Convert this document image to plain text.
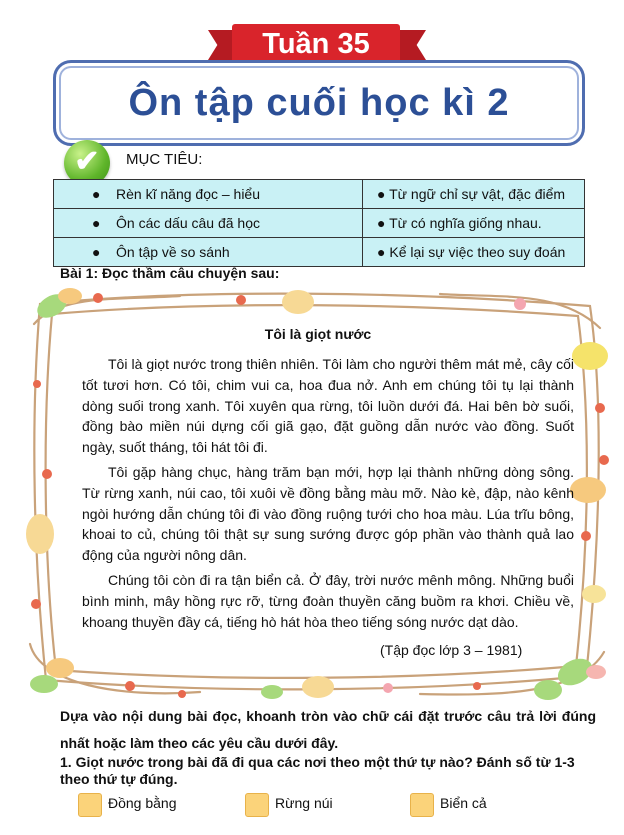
Tuần 35
Ôn tập cuối học kì 2
✔	MỤC TIÊU:
●    Rèn kĩ năng đọc – hiểu	● Từ ngữ chỉ sự vật, đặc điểm
●    Ôn các dấu câu đã học	● Từ có nghĩa giống nhau.
●    Ôn tập về so sánh	● Kể lại sự việc theo suy đoán
Bài 1: Đọc thầm câu chuyện sau:
Tôi là giọt nước

Tôi là giọt nước trong thiên nhiên. Tôi làm cho người thêm mát mẻ, cây cối tốt tươi hơn. Có tôi, chim vui ca, hoa đua nở. Anh em chúng tôi tụ lại thành dòng suối trong xanh. Tôi xuyên qua rừng, tôi luồn dưới đá. Hai bên bờ suối, đồng bào miền núi dựng cối giã gạo, đặt guồng dẫn nước vào đồng. Suốt ngày, suốt tháng, tôi hát tôi đi.

Tôi gặp hàng chục, hàng trăm bạn mới, hợp lại thành những dòng sông. Từ rừng xanh, núi cao, tôi xuôi về đồng bằng màu mỡ. Nào kè, đập, nào kênh ngòi hướng dẫn chúng tôi đi vào đồng ruộng tưới cho hoa màu. Lúa trĩu bông, khoai to củ, chúng tôi thật sự sung sướng được góp phần vào thành quả lao động của người nông dân.

Chúng tôi còn đi ra tận biển cả. Ở đây, trời nước mênh mông. Những buổi bình minh, mây hồng rực rỡ, từng đoàn thuyền căng buồm ra khơi. Chiều về, khoang thuyền đầy cá, tiếng hò hát hòa theo tiếng sóng nước dạt dào.

(Tập đọc lớp 3 – 1981)
Dựa vào nội dung bài đọc, khoanh tròn vào chữ cái đặt trước câu trả lời đúng nhất hoặc làm theo các yêu cầu dưới đây.
1. Giọt nước trong bài đã đi qua các nơi theo một thứ tự nào? Đánh số từ 1-3 theo thứ tự đúng.
Đồng bằng	Rừng núi	Biển cả
